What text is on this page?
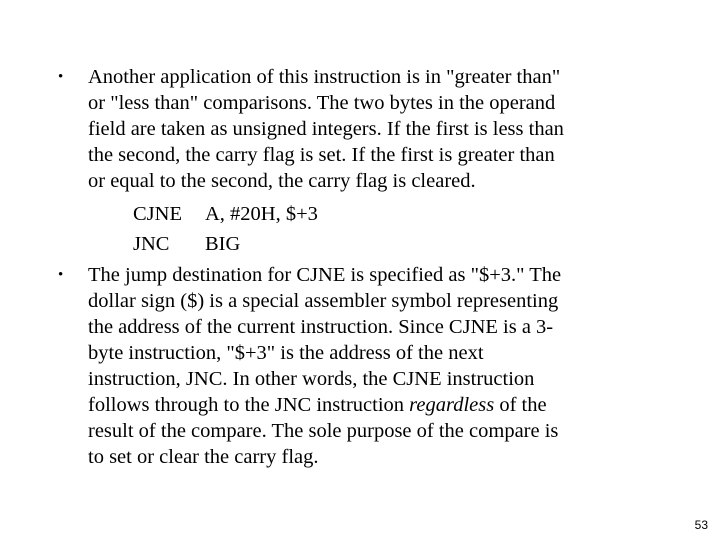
• Another application of this instruction is in "greater than"
or "less than" comparisons. The two bytes in the operand
field are taken as unsigned integers. If the first is less than
the second, the carry flag is set. If the first is greater than
or equal to the second, the carry flag is cleared.
CJNE A, #20H, $+3
JNC BIG
• The jump destination for CJNE is specified as "$+3." The
dollar sign ($) is a special assembler symbol representing
the address of the current instruction. Since CJNE is a 3-
byte instruction, "$+3" is the address of the next
instruction, JNC. In other words, the CJNE instruction
follows through to the JNC instruction regardless of the
result of the compare. The sole purpose of the compare is
to set or clear the carry flag.
53
